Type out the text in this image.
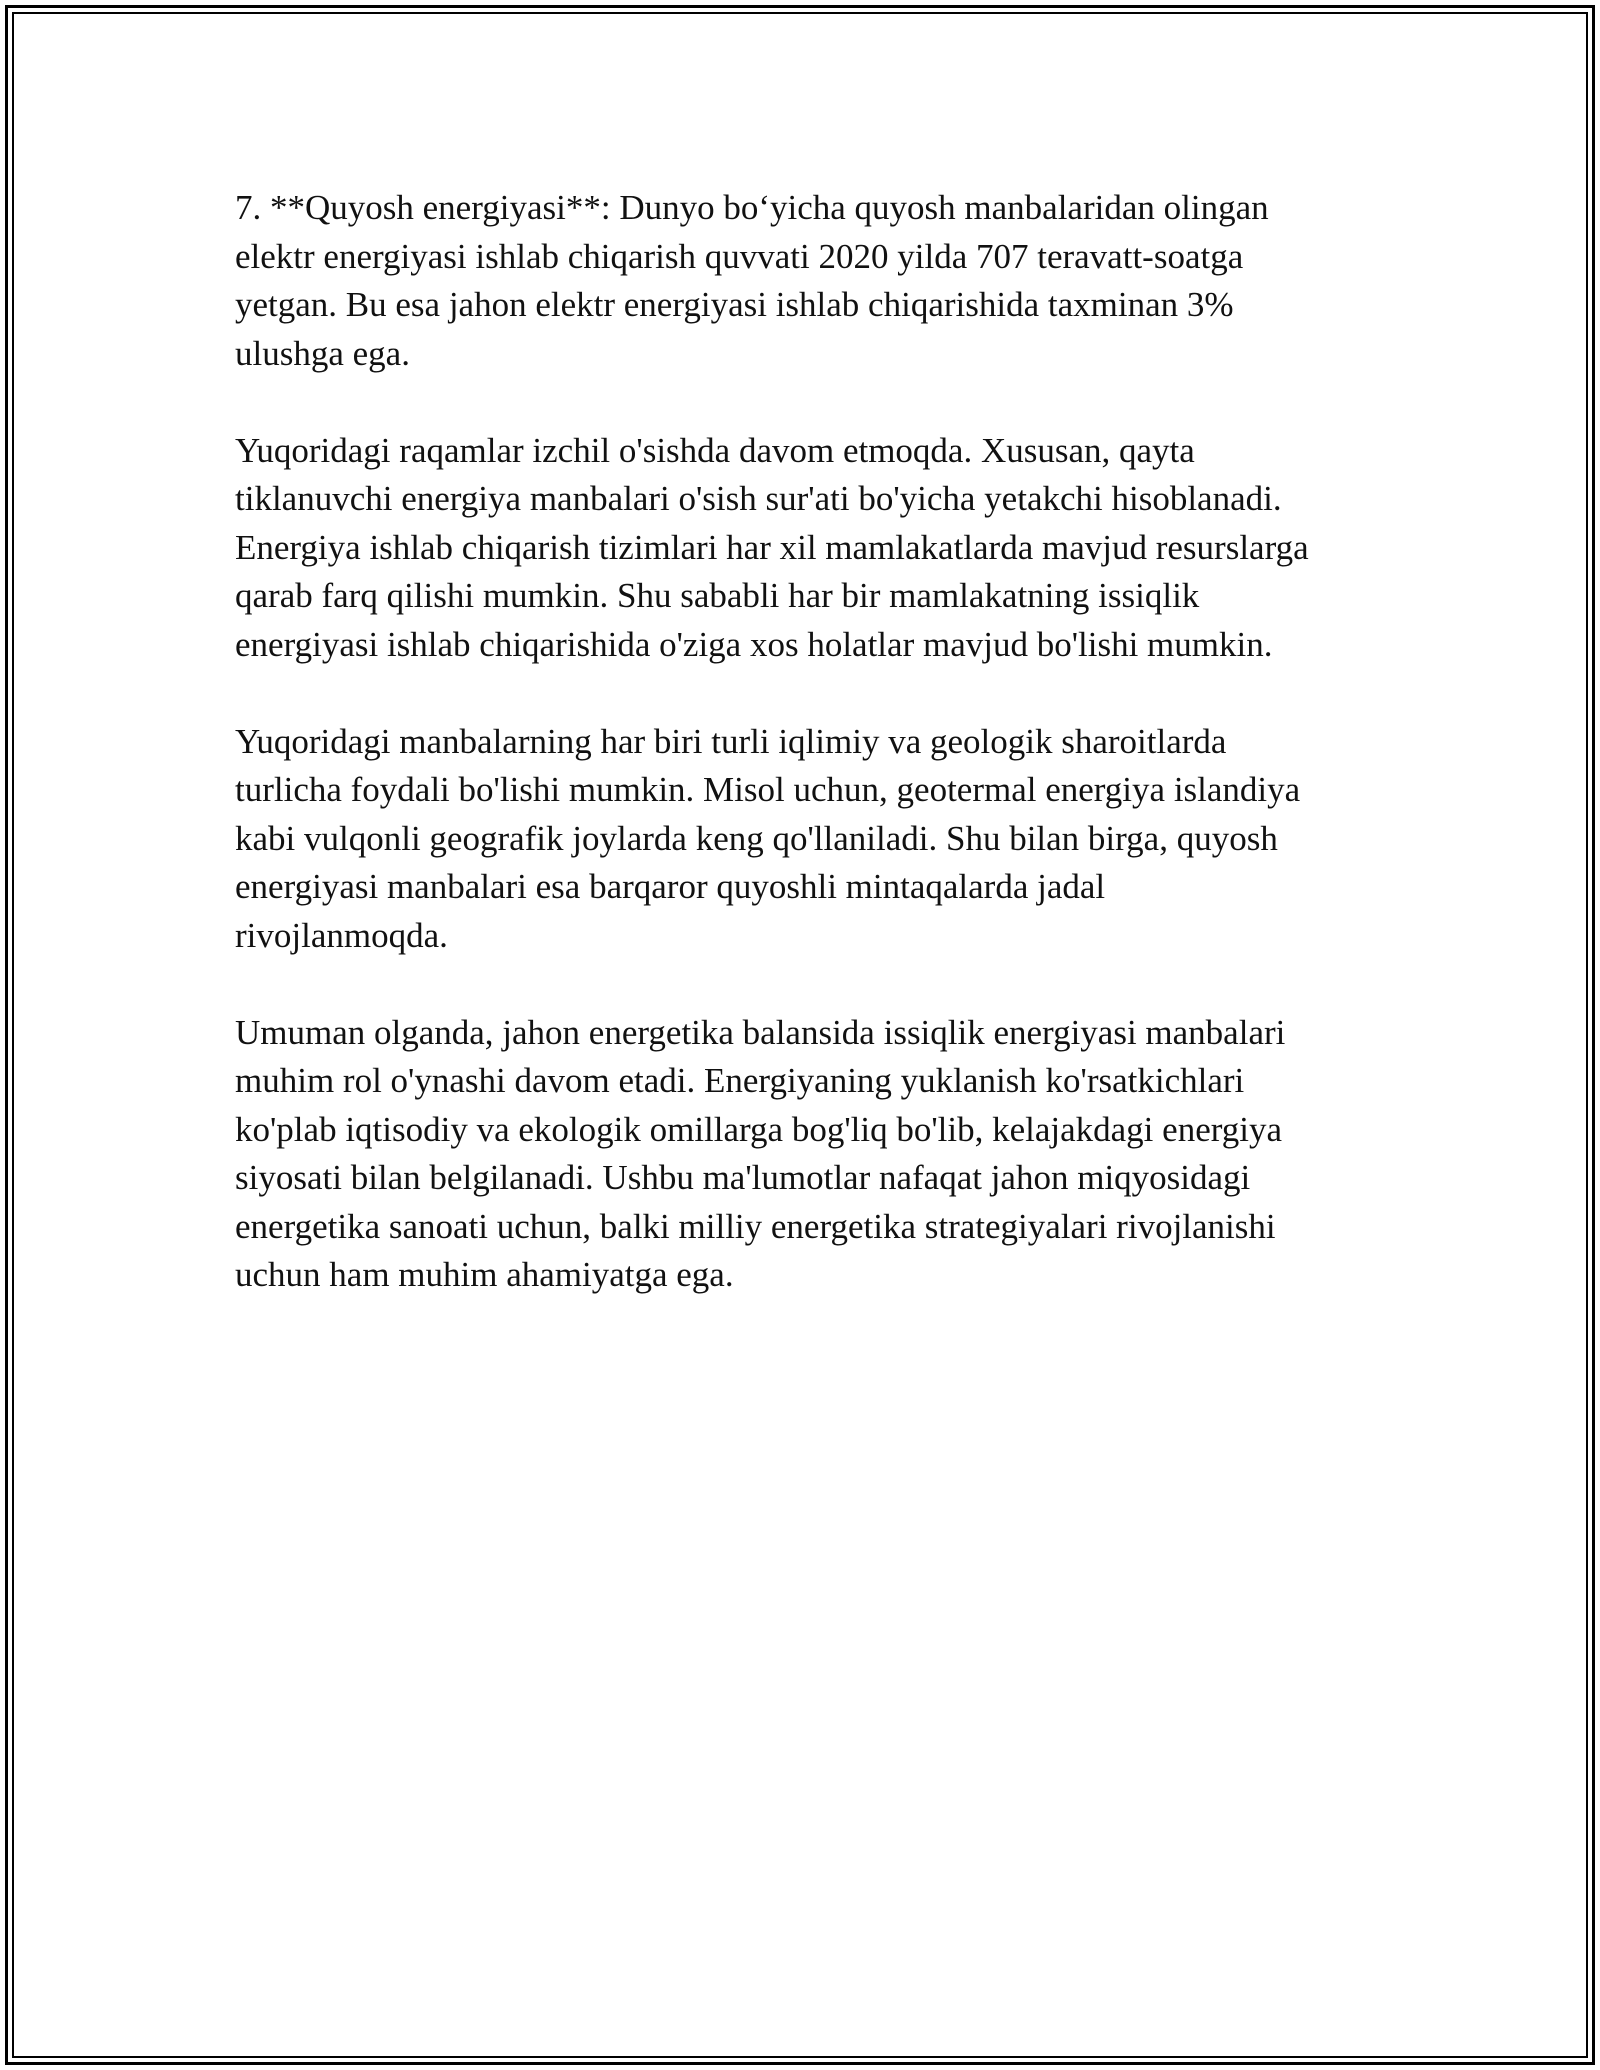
7. **Quyosh energiyasi**: Dunyo bo‘yicha quyosh manbalaridan olingan
elektr energiyasi ishlab chiqarish quvvati 2020 yilda 707 teravatt-soatga
yetgan. Bu esa jahon elektr energiyasi ishlab chiqarishida taxminan 3%
ulushga ega.

Yuqoridagi raqamlar izchil o'sishda davom etmoqda. Xususan, qayta
tiklanuvchi energiya manbalari o'sish sur'ati bo'yicha yetakchi hisoblanadi.
Energiya ishlab chiqarish tizimlari har xil mamlakatlarda mavjud resurslarga
qarab farq qilishi mumkin. Shu sababli har bir mamlakatning issiqlik
energiyasi ishlab chiqarishida o'ziga xos holatlar mavjud bo'lishi mumkin.

Yuqoridagi manbalarning har biri turli iqlimiy va geologik sharoitlarda
turlicha foydali bo'lishi mumkin. Misol uchun, geotermal energiya islandiya
kabi vulqonli geografik joylarda keng qo'llaniladi. Shu bilan birga, quyosh
energiyasi manbalari esa barqaror quyoshli mintaqalarda jadal
rivojlanmoqda.

Umuman olganda, jahon energetika balansida issiqlik energiyasi manbalari
muhim rol o'ynashi davom etadi. Energiyaning yuklanish ko'rsatkichlari
ko'plab iqtisodiy va ekologik omillarga bog'liq bo'lib, kelajakdagi energiya
siyosati bilan belgilanadi. Ushbu ma'lumotlar nafaqat jahon miqyosidagi
energetika sanoati uchun, balki milliy energetika strategiyalari rivojlanishi
uchun ham muhim ahamiyatga ega.
